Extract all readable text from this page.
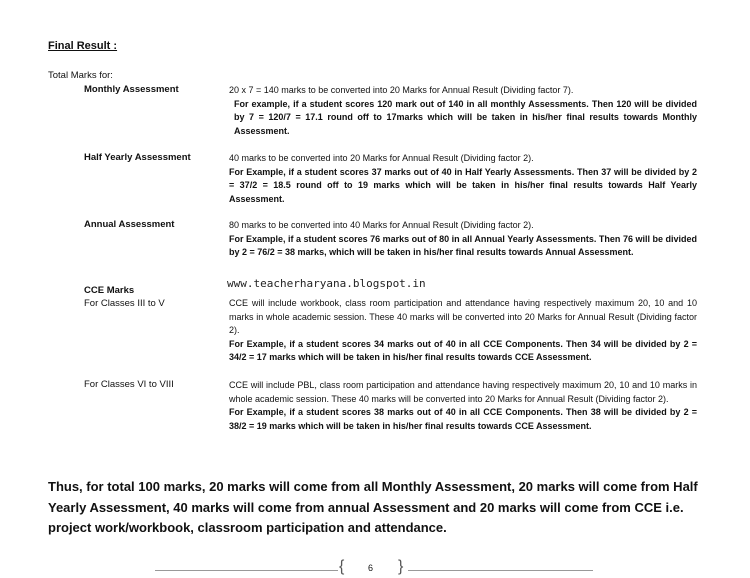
Final Result :
Total Marks for:
Monthly Assessment	20 x 7 = 140 marks to be converted into 20 Marks for Annual Result (Dividing factor 7).

For example, if a student scores 120 mark out of 140 in all monthly Assessments. Then 120 will be divided by 7 = 120/7 = 17.1 round off to 17marks which will be taken in his/her final results towards Monthly Assessment.

Half Yearly Assessment	40 marks to be converted into 20 Marks for Annual Result (Dividing factor 2).

For Example, if a student scores 37 marks out of 40 in Half Yearly Assessments. Then 37 will be divided by 2 = 37/2 = 18.5 round off to 19 marks which will be taken in his/her final results towards Half Yearly Assessment.

Annual Assessment	80 marks to be converted into 40 Marks for Annual Result (Dividing factor 2).

For Example, if a student scores 76 marks out of 80 in all Annual Yearly Assessments. Then 76 will be divided by 2 = 76/2 = 38 marks, which will be taken in his/her final results towards Annual Assessment.

www.teacherharyana.blogspot.in
CCE Marks
For Classes III to V	CCE will include workbook, class room participation and attendance having respectively maximum 20, 10 and 10 marks in whole academic session. These 40 marks will be converted into 20 Marks for Annual Result (Dividing factor 2).

For Example, if a student scores 34 marks out of 40 in all CCE Components. Then 34 will be divided by 2 = 34/2 = 17 marks which will be taken in his/her final results towards CCE Assessment.

For Classes VI to VIII	CCE will include PBL, class room participation and attendance having respectively maximum 20, 10 and 10 marks in whole academic session. These 40 marks will be converted into 20 Marks for Annual Result (Dividing factor 2).

For Example, if a student scores 38 marks out of 40 in all CCE Components. Then 38 will be divided by 2 = 38/2 = 19 marks which will be taken in his/her final results towards CCE Assessment.

Thus, for total 100 marks, 20 marks will come from all Monthly Assessment, 20 marks will come from Half Yearly Assessment, 40 marks will come from annual Assessment and 20 marks will come from CCE i.e. project work/workbook, classroom participation and attendance.
{	6 }
